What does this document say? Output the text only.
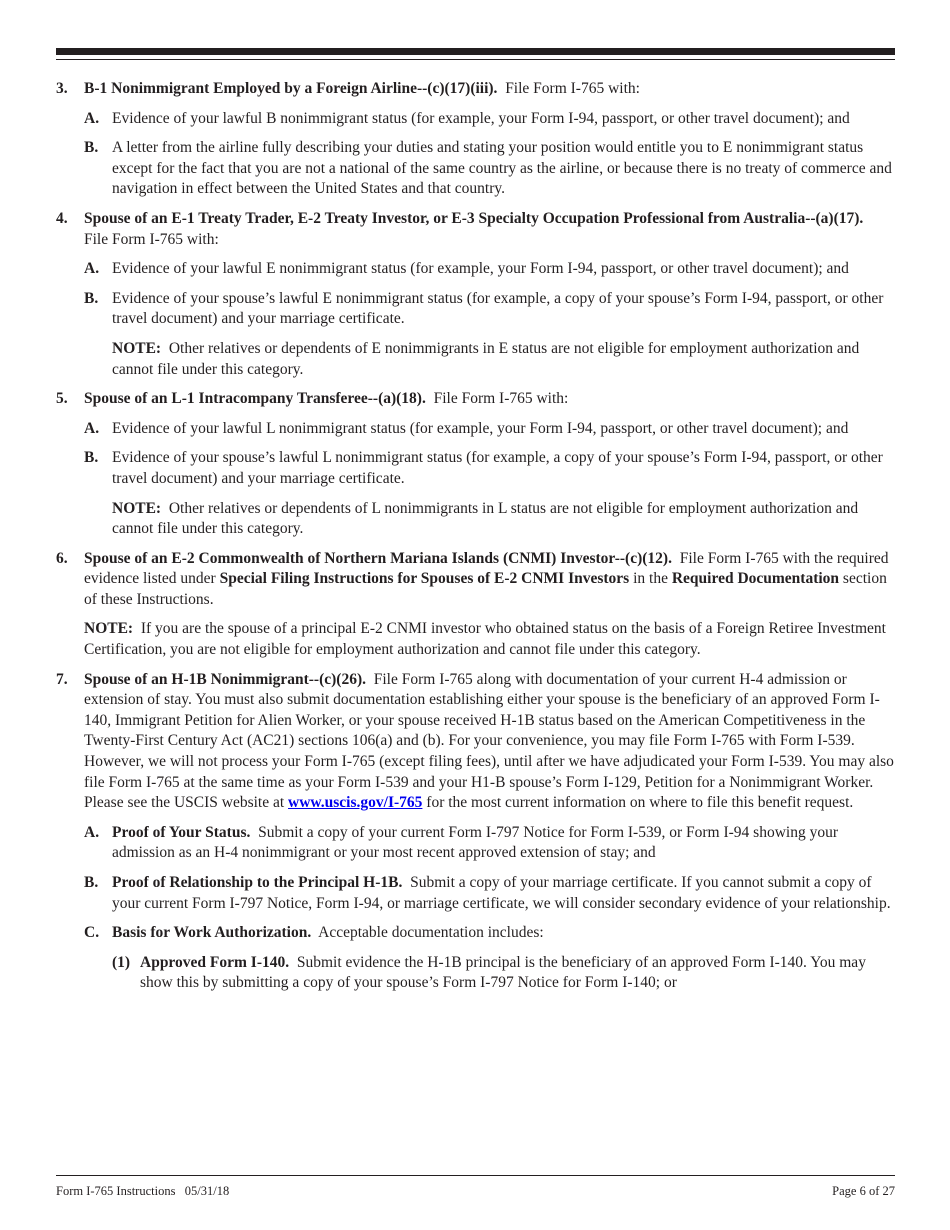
3. B-1 Nonimmigrant Employed by a Foreign Airline--(c)(17)(iii). File Form I-765 with:

A. Evidence of your lawful B nonimmigrant status (for example, your Form I-94, passport, or other travel document); and

B. A letter from the airline fully describing your duties and stating your position would entitle you to E nonimmigrant status except for the fact that you are not a national of the same country as the airline, or because there is no treaty of commerce and navigation in effect between the United States and that country.

4. Spouse of an E-1 Treaty Trader, E-2 Treaty Investor, or E-3 Specialty Occupation Professional from Australia--(a)(17).  File Form I-765 with:

A. Evidence of your lawful E nonimmigrant status (for example, your Form I-94, passport, or other travel document); and

B. Evidence of your spouse’s lawful E nonimmigrant status (for example, a copy of your spouse’s Form I-94, passport, or other travel document) and your marriage certificate.

NOTE: Other relatives or dependents of E nonimmigrants in E status are not eligible for employment authorization and cannot file under this category.

5. Spouse of an L-1 Intracompany Transferee--(a)(18). File Form I-765 with:

A. Evidence of your lawful L nonimmigrant status (for example, your Form I-94, passport, or other travel document); and

B. Evidence of your spouse’s lawful L nonimmigrant status (for example, a copy of your spouse’s Form I-94, passport, or other travel document) and your marriage certificate.

NOTE: Other relatives or dependents of L nonimmigrants in L status are not eligible for employment authorization and cannot file under this category.

6. Spouse of an E-2 Commonwealth of Northern Mariana Islands (CNMI) Investor--(c)(12). File Form I-765 with the required evidence listed under Special Filing Instructions for Spouses of E-2 CNMI Investors in the Required Documentation section of these Instructions.

NOTE: If you are the spouse of a principal E-2 CNMI investor who obtained status on the basis of a Foreign Retiree Investment Certification, you are not eligible for employment authorization and cannot file under this category.

7. Spouse of an H-1B Nonimmigrant--(c)(26). File Form I-765 along with documentation of your current H-4 admission or extension of stay. You must also submit documentation establishing either your spouse is the beneficiary of an approved Form I-140, Immigrant Petition for Alien Worker, or your spouse received H-1B status based on the American Competitiveness in the Twenty-First Century Act (AC21) sections 106(a) and (b). For your convenience, you may file Form I-765 with Form I-539. However, we will not process your Form I-765 (except filing fees), until after we have adjudicated your Form I-539. You may also file Form I-765 at the same time as your Form I-539 and your H1-B spouse’s Form I-129, Petition for a Nonimmigrant Worker. Please see the USCIS website at www.uscis.gov/I-765 for the most current information on where to file this benefit request.

A. Proof of Your Status. Submit a copy of your current Form I-797 Notice for Form I-539, or Form I-94 showing your admission as an H-4 nonimmigrant or your most recent approved extension of stay; and

B. Proof of Relationship to the Principal H-1B. Submit a copy of your marriage certificate. If you cannot submit a copy of your current Form I-797 Notice, Form I-94, or marriage certificate, we will consider secondary evidence of your relationship.

C. Basis for Work Authorization. Acceptable documentation includes:

(1) Approved Form I-140. Submit evidence the H-1B principal is the beneficiary of an approved Form I-140. You may show this by submitting a copy of your spouse’s Form I-797 Notice for Form I-140; or

Form I-765 Instructions   05/31/18	Page 6 of 27
